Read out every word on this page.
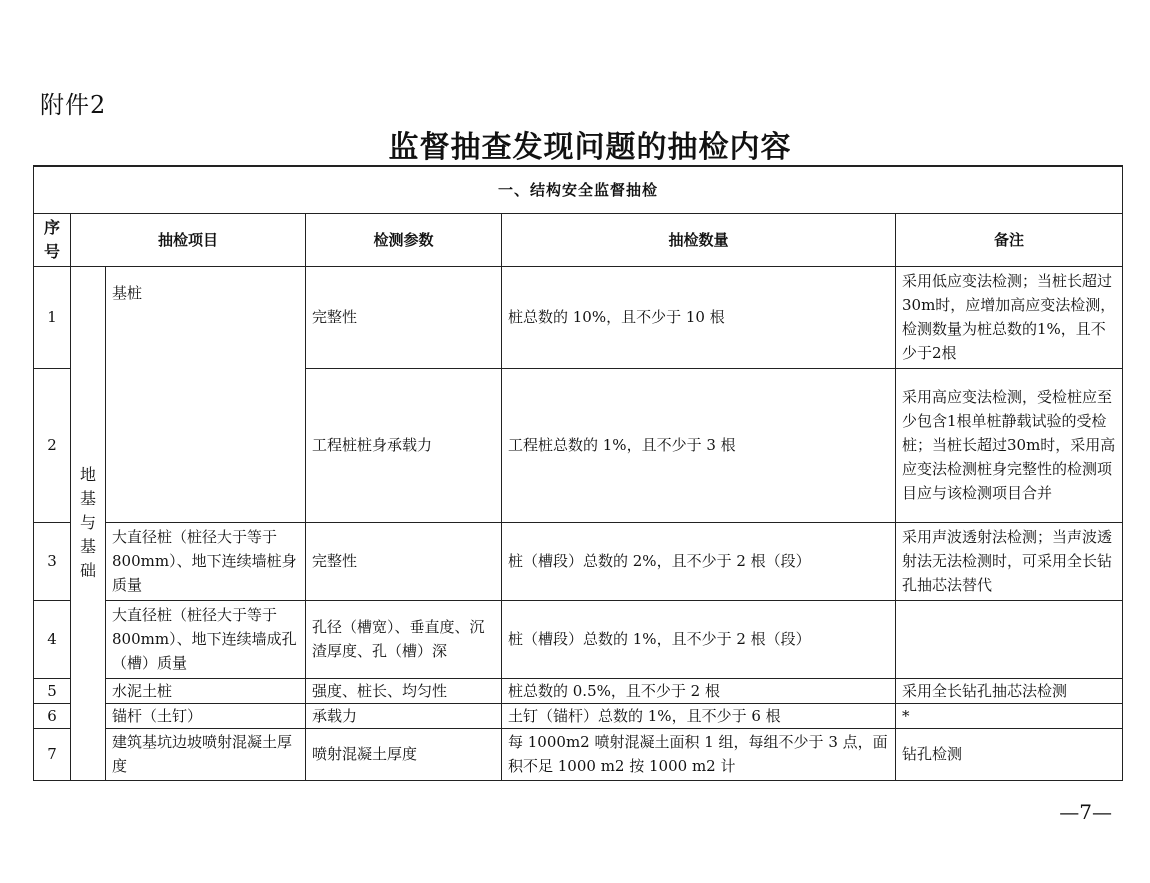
附件2
监督抽查发现问题的抽检内容
一、结构安全监督抽检					
序号	抽检项目		检测参数	抽检数量	备注
1	地基与基础	基桩	完整性	桩总数的 10%，且不少于 10 根	采用低应变法检测；当桩长超过30m时，应增加高应变法检测，检测数量为桩总数的1%，且不少于2根
2			工程桩桩身承载力	工程桩总数的 1%，且不少于 3 根	采用高应变法检测，受检桩应至少包含1根单桩静载试验的受检桩；当桩长超过30m时，采用高应变法检测桩身完整性的检测项目应与该检测项目合并
3		大直径桩（桩径大于等于 800mm）、地下连续墙桩身质量	完整性	桩（槽段）总数的 2%，且不少于 2 根（段）	采用声波透射法检测；当声波透射法无法检测时，可采用全长钻孔抽芯法替代
4		大直径桩（桩径大于等于 800mm）、地下连续墙成孔（槽）质量	孔径（槽宽）、垂直度、沉渣厚度、孔（槽）深	桩（槽段）总数的 1%，且不少于 2 根（段）	
5		水泥土桩	强度、桩长、均匀性	桩总数的 0.5%，且不少于 2 根	采用全长钻孔抽芯法检测
6		锚杆（土钉）	承载力	土钉（锚杆）总数的 1%，且不少于 6 根	*
7		建筑基坑边坡喷射混凝土厚度	喷射混凝土厚度	每 1000m2 喷射混凝土面积 1 组，每组不少于 3 点，面积不足 1000 m2 按 1000 m2 计	钻孔检测
—7—
